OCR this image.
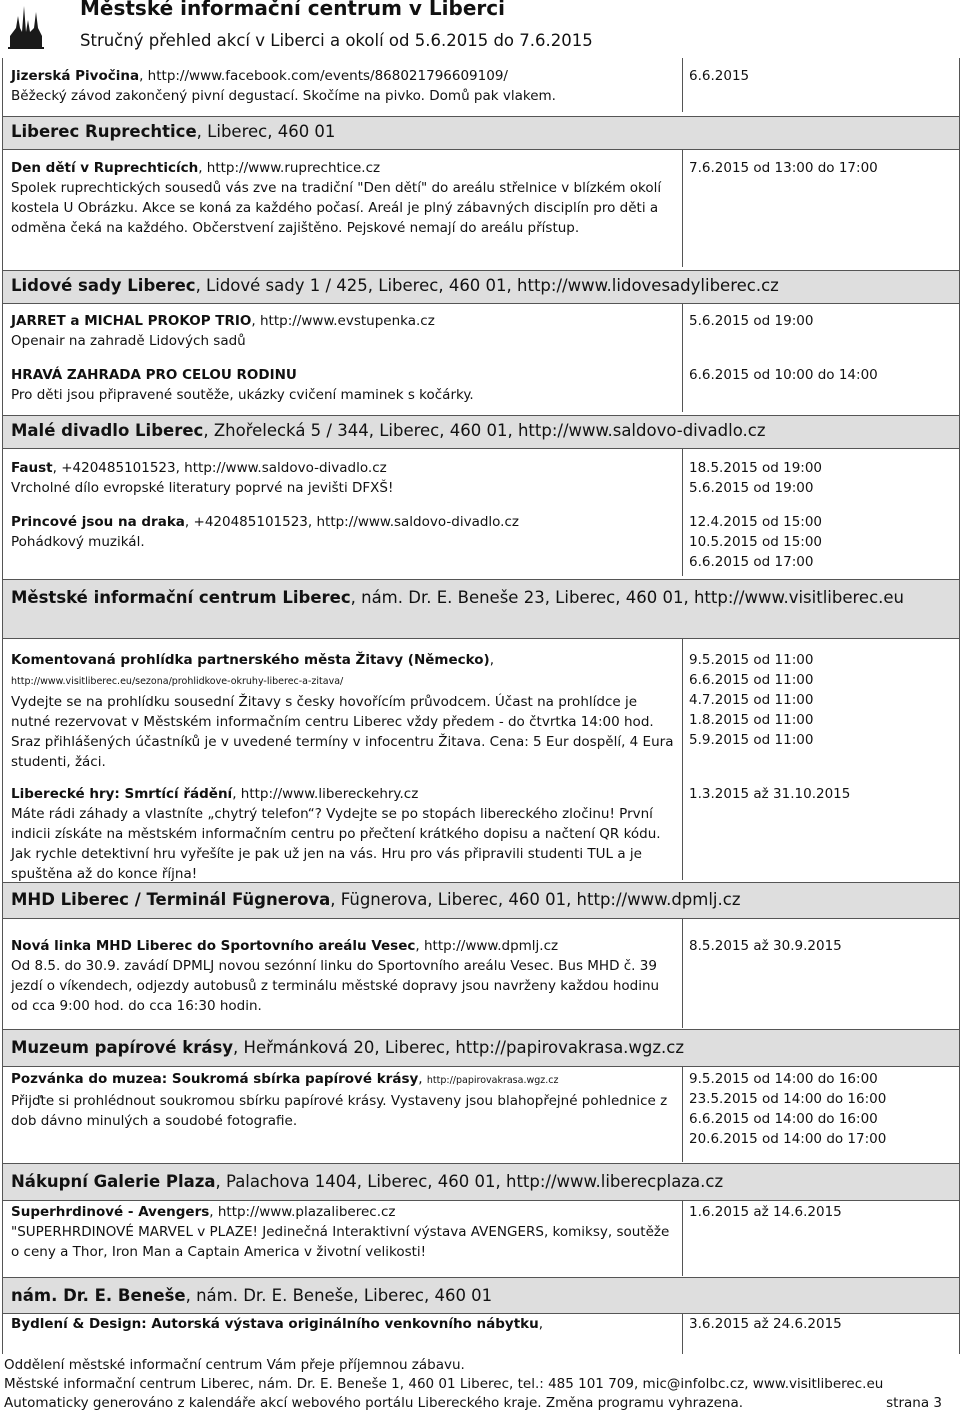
Městské informační centrum v Liberci
Stručný přehled akcí v Liberci a okolí od 5.6.2015 do 7.6.2015
Jizerská Pivočina, http://www.facebook.com/events/868021796609109/
Běžecký závod zakončený pivní degustací. Skočíme na pivko. Domů pak vlakem.
6.6.2015
Liberec Ruprechtice, Liberec, 460 01
Den dětí v Ruprechticích, http://www.ruprechtice.cz
Spolek ruprechtických sousedů vás zve na tradiční "Den dětí" do areálu střelnice v blízkém okolí kostela U Obrázku. Akce se koná za každého počasí. Areál je plný zábavných disciplín pro děti a odměna čeká na každého. Občerstvení zajištěno. Pejskové nemají do areálu přístup.
7.6.2015 od 13:00 do 17:00
Lidové sady Liberec, Lidové sady 1 / 425, Liberec, 460 01, http://www.lidovesadyliberec.cz
JARRET a MICHAL PROKOP TRIO, http://www.evstupenka.cz
Openair na zahradě Lidových sadů
5.6.2015 od 19:00
HRAVÁ ZAHRADA PRO CELOU RODINU
Pro děti jsou připravené soutěže, ukázky cvičení maminek s kočárky.
6.6.2015 od 10:00 do 14:00
Malé divadlo Liberec, Zhořelecká 5 / 344, Liberec, 460 01, http://www.saldovo-divadlo.cz
Faust, +420485101523, http://www.saldovo-divadlo.cz
Vrcholné dílo evropské literatury poprvé na jevišti DFXŠ!
18.5.2015 od 19:00
5.6.2015 od 19:00
Princové jsou na draka, +420485101523, http://www.saldovo-divadlo.cz
Pohádkový muzikál.
12.4.2015 od 15:00
10.5.2015 od 15:00
6.6.2015 od 17:00
Městské informační centrum Liberec, nám. Dr. E. Beneše 23, Liberec, 460 01, http://www.visitliberec.eu
Komentovaná prohlídka partnerského města Žitavy (Německo),
http://www.visitliberec.eu/sezona/prohlidkove-okruhy-liberec-a-zitava/
Vydejte se na prohlídku sousední Žitavy s česky hovořícím průvodcem. Účast na prohlídce je nutné rezervovat v Městském informačním centru Liberec vždy předem - do čtvrtka 14:00 hod. Sraz přihlášených účastníků je v uvedené termíny v infocentru Žitava. Cena: 5 Eur dospělí, 4 Eura studenti, žáci.
9.5.2015 od 11:00
6.6.2015 od 11:00
4.7.2015 od 11:00
1.8.2015 od 11:00
5.9.2015 od 11:00
Liberecké hry: Smrtící řádění, http://www.libereckehry.cz
Máte rádi záhady a vlastníte „chytrý telefon“? Vydejte se po stopách libereckého zločinu! První indicii získáte na městském informačním centru po přečtení krátkého dopisu a načtení QR kódu. Jak rychle detektivní hru vyřešíte je pak už jen na vás. Hru pro vás připravili studenti TUL a je spuštěna až do konce října!
1.3.2015 až 31.10.2015
MHD Liberec / Terminál Fügnerova, Fügnerova, Liberec, 460 01, http://www.dpmlj.cz
Nová linka MHD Liberec do Sportovního areálu Vesec, http://www.dpmlj.cz
Od 8.5. do 30.9. zavádí DPMLJ novou sezónní linku do Sportovního areálu Vesec. Bus MHD č. 39 jezdí o víkendech, odjezdy autobusů z terminálu městské dopravy jsou navrženy každou hodinu od cca 9:00 hod. do cca 16:30 hodin.
8.5.2015 až 30.9.2015
Muzeum papírové krásy, Heřmánková 20, Liberec, http://papirovakrasa.wgz.cz
Pozvánka do muzea: Soukromá sbírka papírové krásy, http://papirovakrasa.wgz.cz
Přijďte si prohlédnout soukromou sbírku papírové krásy. Vystaveny jsou blahopřejné pohlednice z dob dávno minulých a soudobé fotografie.
9.5.2015 od 14:00 do 16:00
23.5.2015 od 14:00 do 16:00
6.6.2015 od 14:00 do 16:00
20.6.2015 od 14:00 do 17:00
Nákupní Galerie Plaza, Palachova 1404, Liberec, 460 01, http://www.liberecplaza.cz
Superhrdinové - Avengers, http://www.plazaliberec.cz
"SUPERHRDINOVÉ MARVEL v PLAZE! Jedinečná Interaktivní výstava AVENGERS, komiksy, soutěže o ceny a Thor, Iron Man a Captain America v životní velikosti!
1.6.2015 až 14.6.2015
nám. Dr. E. Beneše, nám. Dr. E. Beneše, Liberec, 460 01
Bydlení & Design: Autorská výstava originálního venkovního nábytku,	3.6.2015 až 24.6.2015
Oddělení městské informační centrum Vám přeje příjemnou zábavu.
Městské informační centrum Liberec, nám. Dr. E. Beneše 1, 460 01 Liberec, tel.: 485 101 709, mic@infolbc.cz, www.visitliberec.eu
Automaticky generováno z kalendáře akcí webového portálu Libereckého kraje. Změna programu vyhrazena.	strana 3
